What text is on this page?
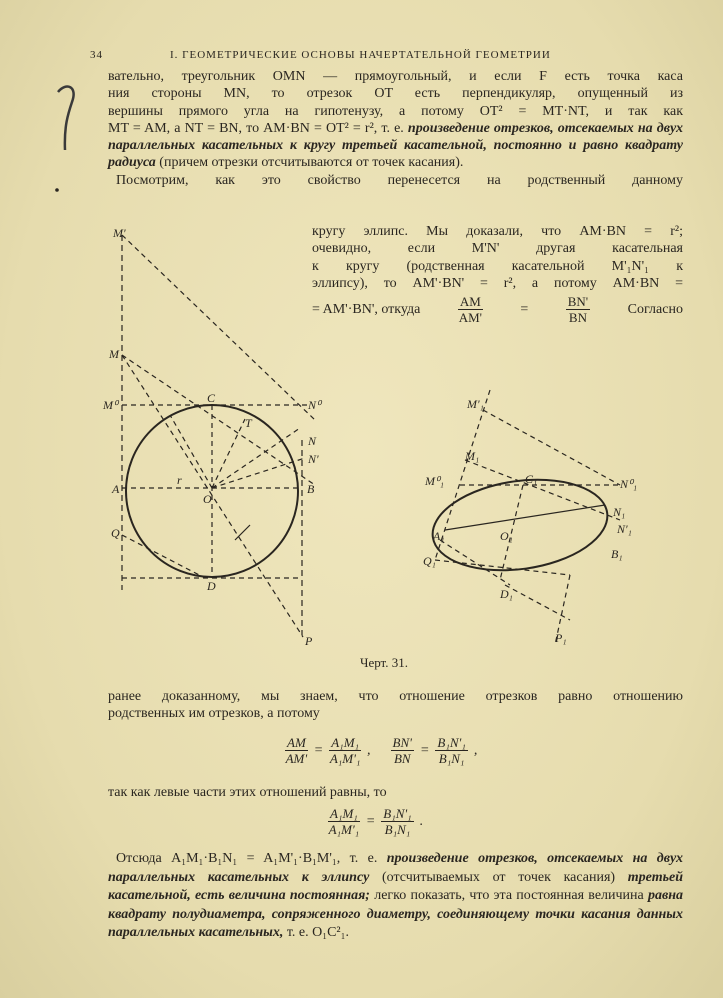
34	I. ГЕОМЕТРИЧЕСКИЕ ОСНОВЫ НАЧЕРТАТЕЛЬНОЙ ГЕОМЕТРИИ

вательно, треугольник OMN — прямоугольный, и если F есть точка каса

ния стороны MN, то отрезок OT есть перпендикуляр, опущенный из

вершины прямого угла на гипотенузу, а потому OT² = MT·NT, и так как

MT = AM, а NT = BN, то AM·BN = OT² = r², т. е. произведение отрезков, отсекаемых на двух параллельных касательных к кругу третьей касательной, постоянно и равно квадрату радиуса (причем отрезки отсчитываются от точек касания).

Посмотрим, как это свойство перенесется на родственный данному

кругу эллипс. Мы доказали, что AM·BN = r²;

очевидно, если M'N' другая касательная

к кругу (родственная касательной M'₁N'₁ к

эллипсу), то AM'·BN' = r², а потому AM·BN =

= AM'·BN', откуда	$\frac{AM}{AM'}$	=	$\frac{BN'}{BN}$	Согласно

M'
M
M⁰	C
T
N⁰
N
N'
A
r
O
B
Q
D
P
M'₁
M₁
M⁰₁	C₁	N⁰₁
N₁
N'₁
A₁	O₁
B₁
Q₁
D₁
P₁
Черт. 31.

ранее доказанному, мы знаем, что отношение отрезков равно отношению

родственных им отрезков, а потому

$\frac{AM}{AM'} = \frac{\text{A₁M₁}}{\text{A₁M'₁}}$ , $\frac{BN'}{BN} = \frac{\text{B₁N'₁}}{\text{B₁N₁}}$ ,

так как левые части этих отношений равны, то

$\frac{\text{A₁M₁}}{\text{A₁M'₁}} = \frac{\text{B₁N'₁}}{\text{B₁N₁}}$ .

Отсюда A₁M₁·B₁N₁ = A₁M'₁·B₁M'₁, т. е. произведение отрезков, отсекаемых на двух параллельных касательных к эллипсу (отсчитываемых от точек касания) третьей касательной, есть величина постоянная; легко показать, что эта постоянная величина равна квадрату полудиаметра, сопряженного диаметру, соединяющему точки касания данных параллельных касательных, т. е. O₁C²₁.
